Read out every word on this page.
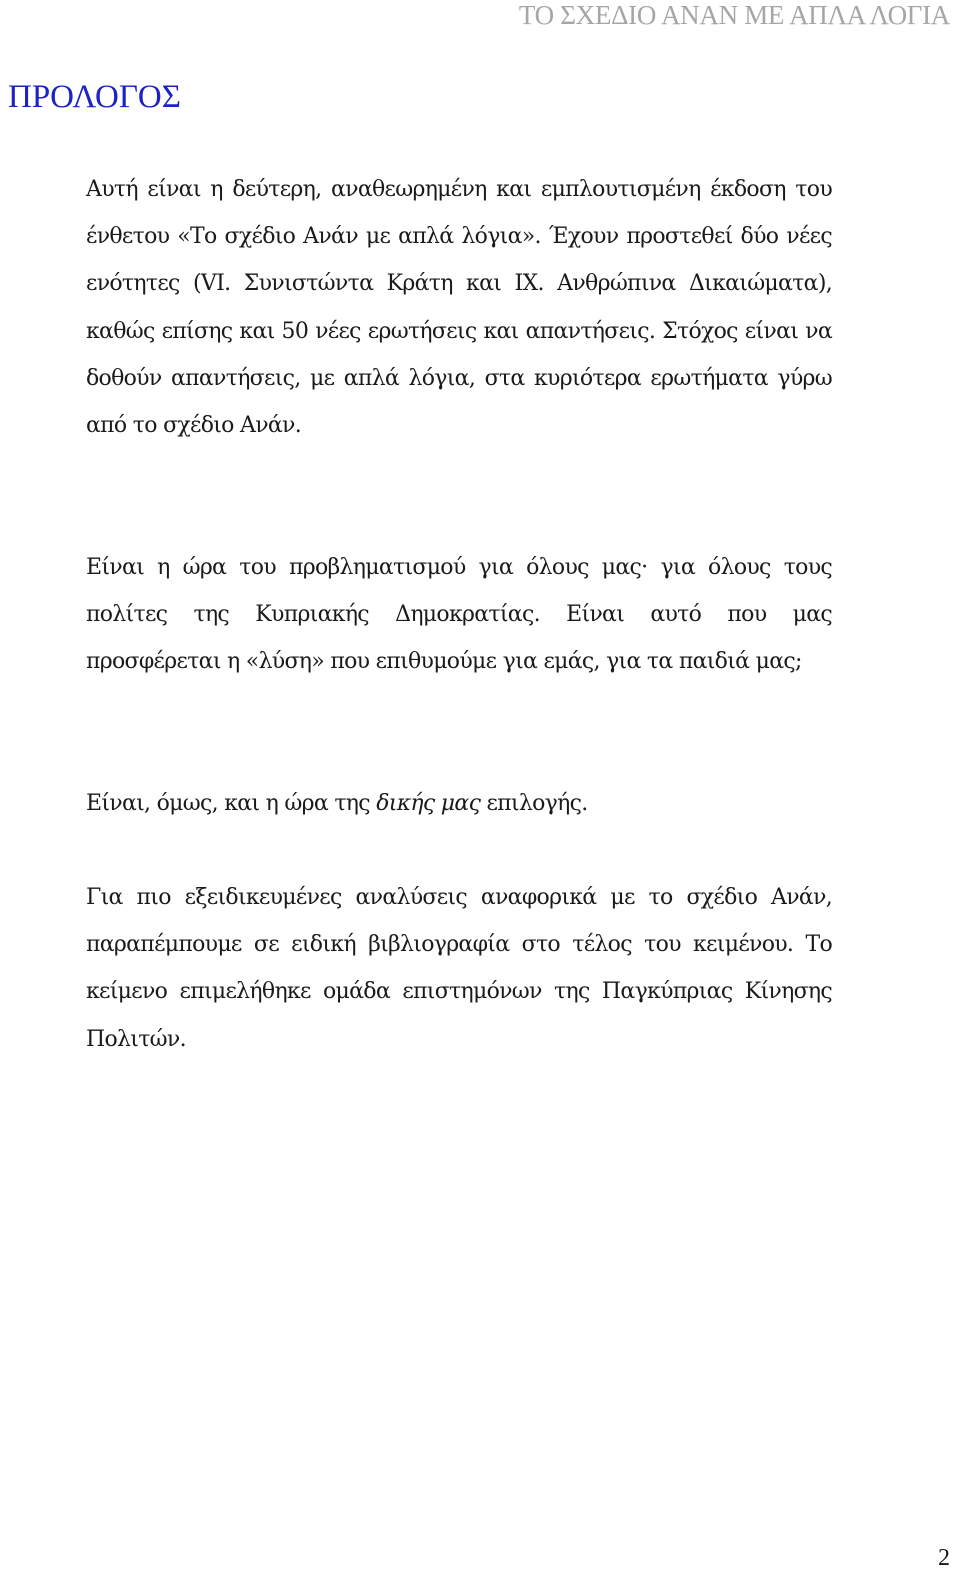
ΤΟ ΣΧΕΔΙΟ ΑΝΑΝ ΜΕ ΑΠΛΑ ΛΟΓΙΑ
ΠΡΟΛΟΓΟΣ

Αυτή είναι η δεύτερη, αναθεωρημένη και εμπλουτισμένη έκδοση του ένθετου «Το σχέδιο Ανάν με απλά λόγια». Έχουν προστεθεί δύο νέες ενότητες (VI. Συνιστώντα Κράτη και IX. Ανθρώπινα Δικαιώματα), καθώς επίσης και 50 νέες ερωτήσεις και απαντήσεις. Στόχος είναι να δοθούν απαντήσεις, με απλά λόγια, στα κυριότερα ερωτήματα γύρω από το σχέδιο Ανάν.

Είναι η ώρα του προβληματισμού για όλους μας· για όλους τους πολίτες της Κυπριακής Δημοκρατίας. Είναι αυτό που μας προσφέρεται η «λύση» που επιθυμούμε για εμάς, για τα παιδιά μας;

Είναι, όμως, και η ώρα της δικής μας επιλογής.

Για πιο εξειδικευμένες αναλύσεις αναφορικά με το σχέδιο Ανάν, παραπέμπουμε σε ειδική βιβλιογραφία στο τέλος του κειμένου. Το κείμενο επιμελήθηκε ομάδα επιστημόνων της Παγκύπριας Κίνησης Πολιτών.

2
